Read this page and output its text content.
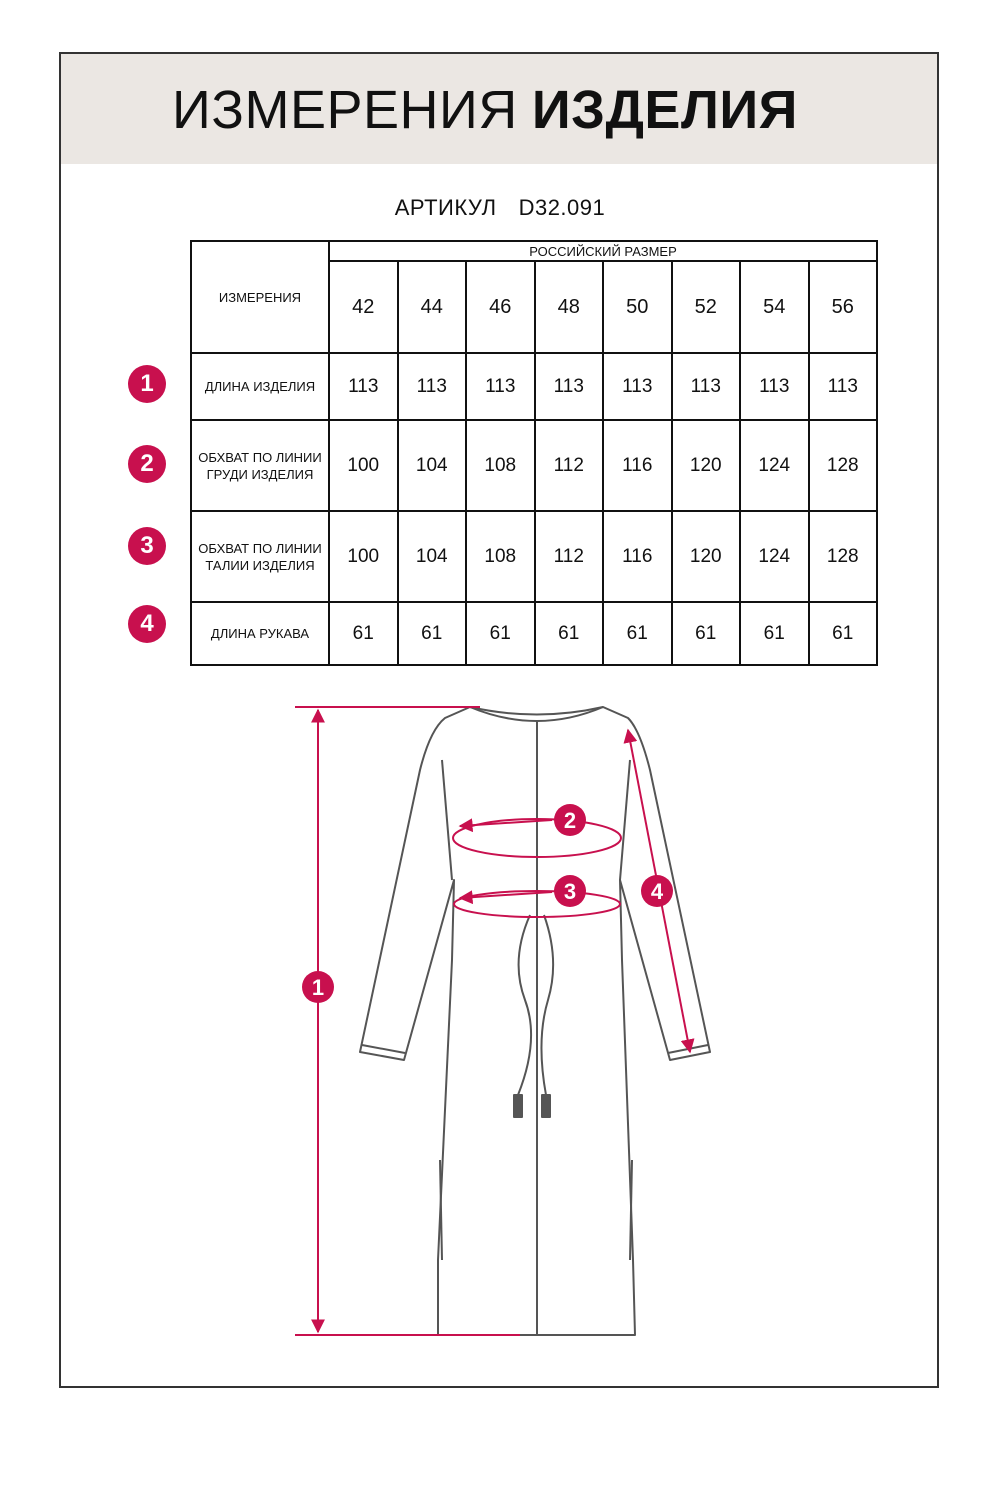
ИЗМЕРЕНИЯ ИЗДЕЛИЯ
АРТИКУЛ D32.091
ИЗМЕРЕНИЯ	РОССИЙСКИЙ РАЗМЕР							
	42	44	46	48	50	52	54	56
ДЛИНА ИЗДЕЛИЯ	113	113	113	113	113	113	113	113
ОБХВАТ ПО ЛИНИИ ГРУДИ ИЗДЕЛИЯ	100	104	108	112	116	120	124	128
ОБХВАТ ПО ЛИНИИ ТАЛИИ ИЗДЕЛИЯ	100	104	108	112	116	120	124	128
ДЛИНА РУКАВА	61	61	61	61	61	61	61	61
1
2
3
4
1
2
3	4
